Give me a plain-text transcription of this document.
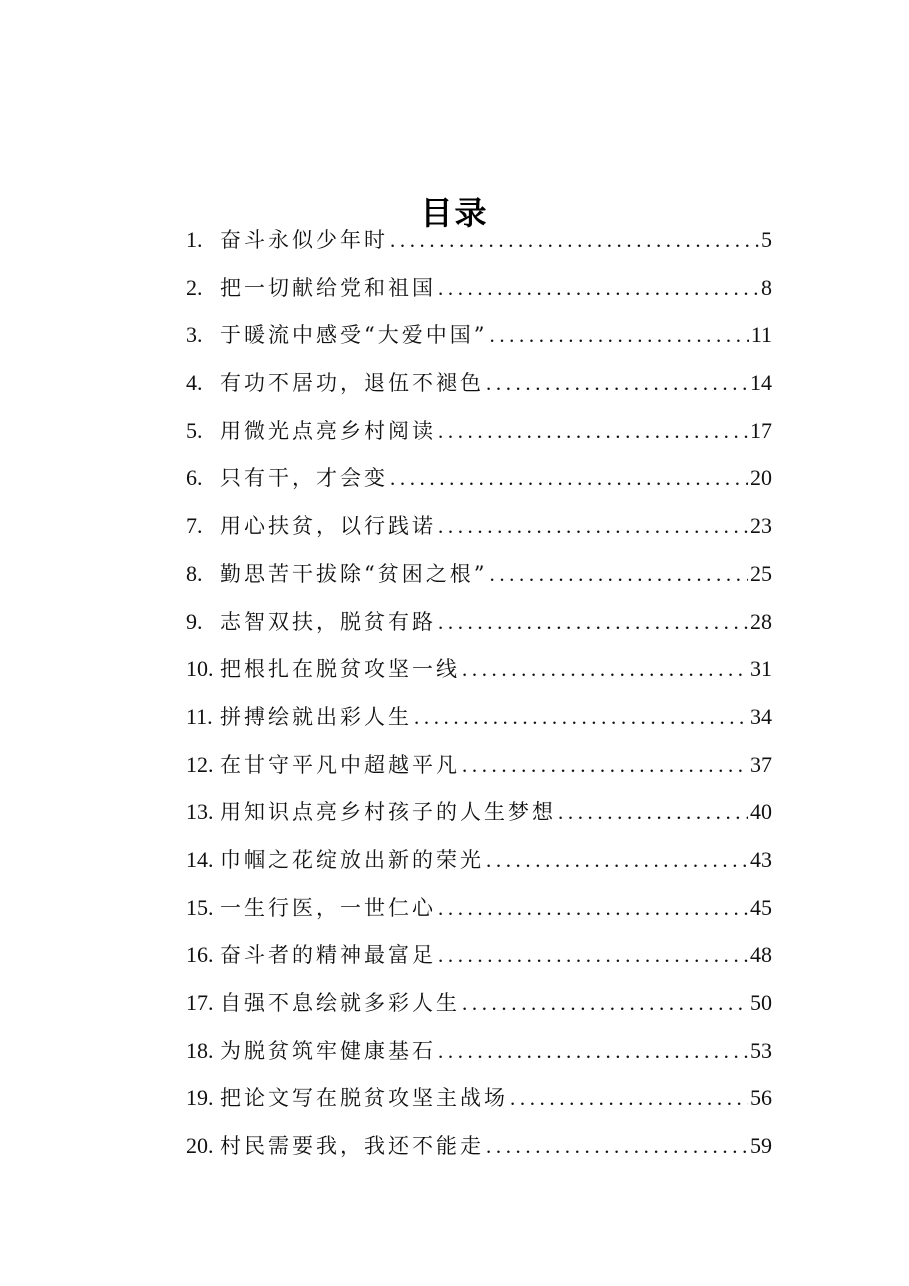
目录
1. 奋斗永似少年时 .....	5
2. 把一切献给党和祖国 .....	8
3. 于暖流中感受“大爱中国” .....	11
4. 有功不居功，退伍不褪色 .....	14
5. 用微光点亮乡村阅读 .....	17
6. 只有干，才会变 .....	20
7. 用心扶贫，以行践诺 .....	23
8. 勤思苦干拔除“贫困之根” .....	25
9. 志智双扶，脱贫有路 .....	28
10. 把根扎在脱贫攻坚一线 .....	31
11. 拼搏绘就出彩人生 .....	34
12. 在甘守平凡中超越平凡 .....	37
13. 用知识点亮乡村孩子的人生梦想 .....	40
14. 巾帼之花绽放出新的荣光 .....	43
15. 一生行医，一世仁心 .....	45
16. 奋斗者的精神最富足 .....	48
17. 自强不息绘就多彩人生 .....	50
18. 为脱贫筑牢健康基石 .....	53
19. 把论文写在脱贫攻坚主战场 .....	56
20. 村民需要我，我还不能走 .....	59
